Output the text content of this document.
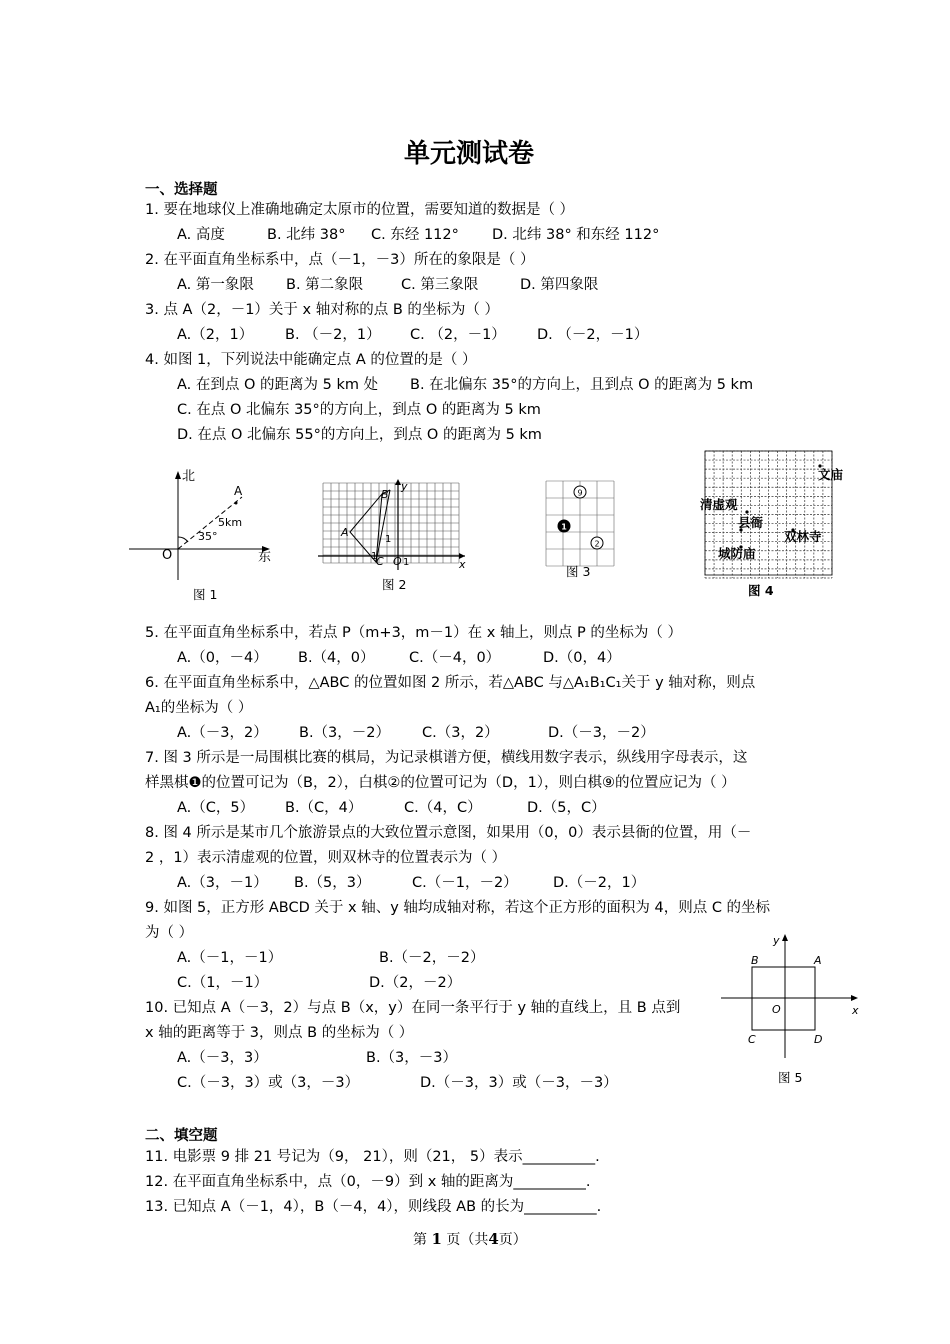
单元测试卷
一、选择题
1. 要在地球仪上准确地确定太原市的位置，需要知道的数据是（ ）
A. 高度	B. 北纬 38° C. 东经 112° D. 北纬 38° 和东经 112°
2. 在平面直角坐标系中，点（－1，－3）所在的象限是（ ）
A. 第一象限 B. 第二象限	C. 第三象限	D. 第四象限
3. 点 A（2，－1）关于 x 轴对称的点 B 的坐标为（ ）
A.（2，1） B. （－2，1） C. （2，－1） D. （－2，－1）
4. 如图 1，下列说法中能确定点 A 的位置的是（ ）
A. 在到点 O 的距离为 5 km 处 B. 在北偏东 35°的方向上，且到点 O 的距离为 5 km
C. 在点 O 北偏东 35°的方向上，到点 O 的距离为 5 km
D. 在点 O 北偏东 55°的方向上，到点 O 的距离为 5 km
北
A
5km
35°
O	东
图 1
A
B
C O
y
x
1
1
1
图 2
9
1
2
图 3
文庙
清虚观
县衙
双林寺
城防庙
图 4
5. 在平面直角坐标系中，若点 P（m+3，m－1）在 x 轴上，则点 P 的坐标为（ ）
A.（0，－4） B.（4，0） C.（－4，0）	D.（0，4）
6. 在平面直角坐标系中，△ABC 的位置如图 2 所示，若△ABC 与△A₁B₁C₁关于 y 轴对称，则点
A₁的坐标为（ ）
A.（－3，2） B.（3，－2） C.（3，2）	D.（－3，－2）
7. 图 3 所示是一局围棋比赛的棋局，为记录棋谱方便，横线用数字表示，纵线用字母表示，这
样黑棋❶的位置可记为（B，2），白棋②的位置可记为（D，1），则白棋⑨的位置应记为（ ）
A.（C，5） B.（C，4）	C.（4，C）	D.（5，C）
8. 图 4 所示是某市几个旅游景点的大致位置示意图，如果用（0，0）表示县衙的位置，用（－
2 ，1）表示清虚观的位置，则双林寺的位置表示为（ ）
A.（3，－1） B.（5，3）	C.（－1，－2） D.（－2，1）
9. 如图 5，正方形 ABCD 关于 x 轴、y 轴均成轴对称，若这个正方形的面积为 4，则点 C 的坐标
为（ ）
A.（－1，－1）	B.（－2，－2）
C.（1，－1）	D.（2，－2）
10. 已知点 A（－3，2）与点 B（x，y）在同一条平行于 y 轴的直线上，且 B 点到
x 轴的距离等于 3，则点 B 的坐标为（ ）
A.（－3，3）	B.（3，－3）
C.（－3，3）或（3，－3）	D.（－3，3）或（－3，－3）
y
B	A
O	x
C	D
图 5
二、填空题
11. 电影票 9 排 21 号记为（9， 21），则（21， 5）表示__________.
12. 在平面直角坐标系中，点（0，－9）到 x 轴的距离为__________.
13. 已知点 A（－1，4），B（－4，4），则线段 AB 的长为__________.
第 1 页（共4页）
